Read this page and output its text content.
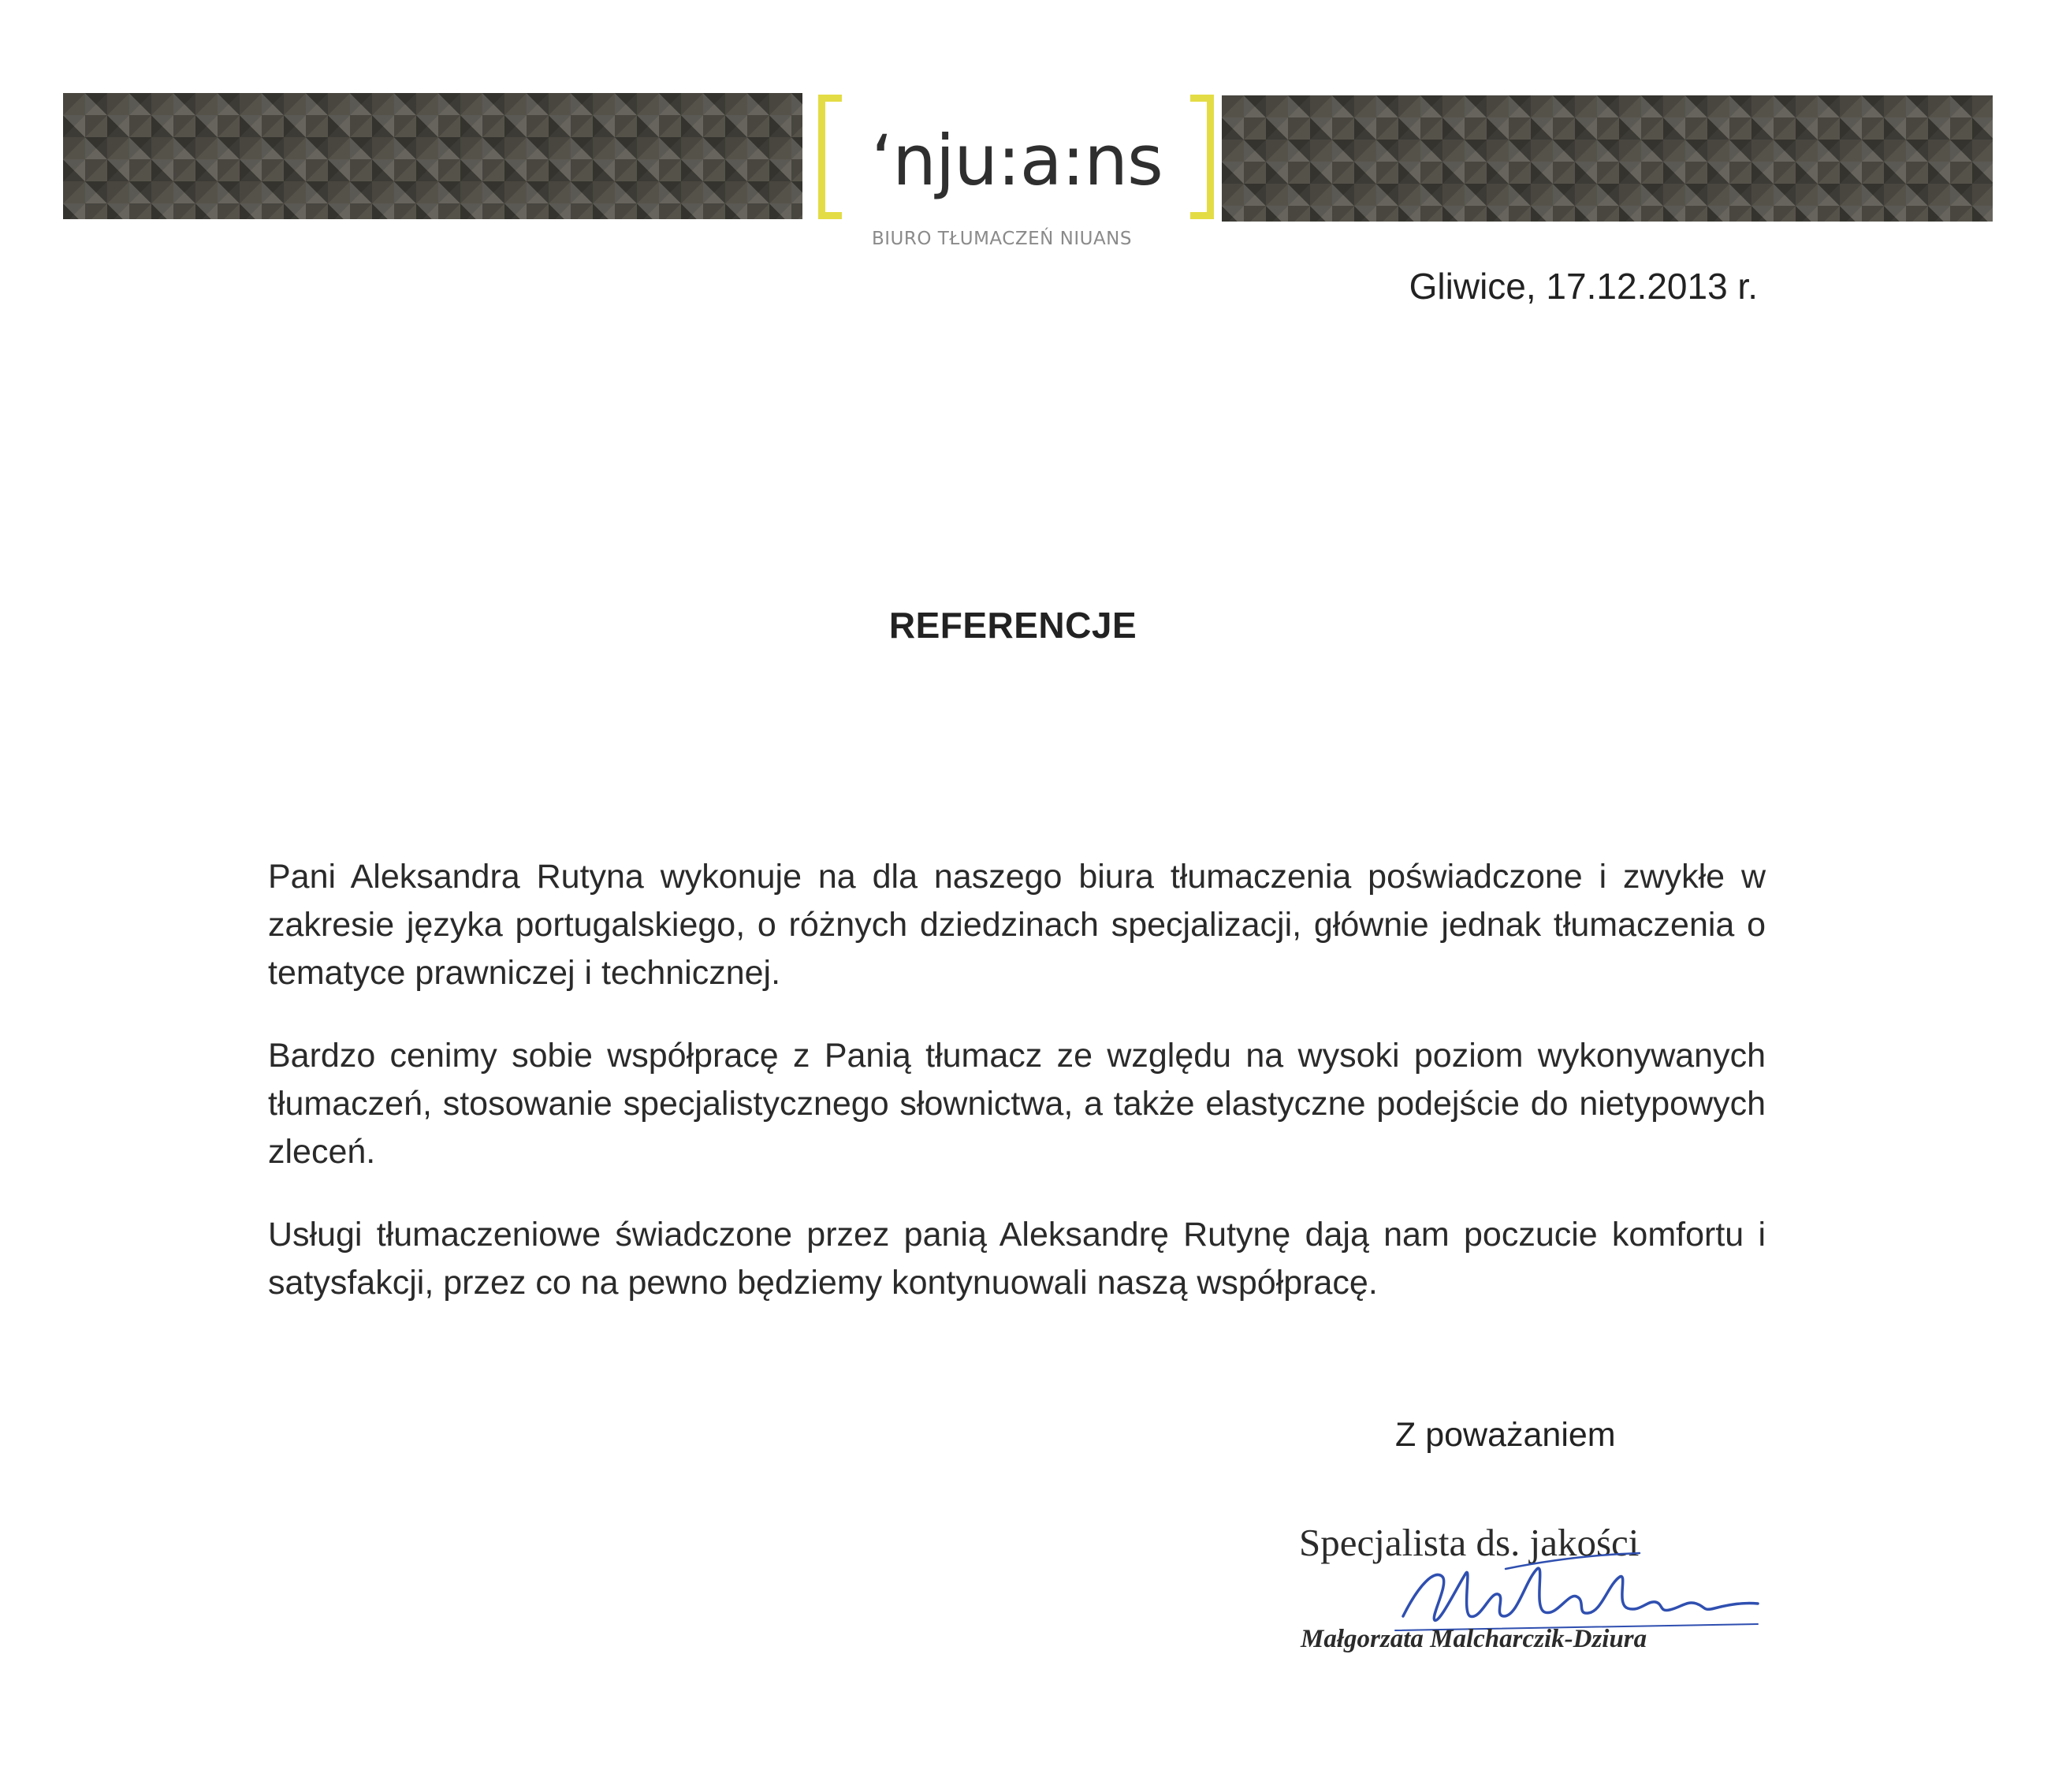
‘nju:a:ns
BIURO TŁUMACZEŃ NIUANS
Gliwice, 17.12.2013 r.
REFERENCJE

Pani Aleksandra Rutyna wykonuje na dla naszego biura tłumaczenia poświadczone i zwykłe w zakresie języka portugalskiego, o różnych dziedzinach specjalizacji, głównie jednak tłumaczenia o tematyce prawniczej i technicznej.

Bardzo cenimy sobie współpracę z Panią tłumacz ze względu na wysoki poziom wykonywanych tłumaczeń, stosowanie specjalistycznego słownictwa, a także elastyczne podejście do nietypowych zleceń.

Usługi tłumaczeniowe świadczone przez panią Aleksandrę Rutynę dają nam poczucie komfortu i satysfakcji, przez co na pewno będziemy kontynuowali naszą współpracę.

Z poważaniem
Specjalista ds. jakości
Małgorzata Malcharczik-Dziura
